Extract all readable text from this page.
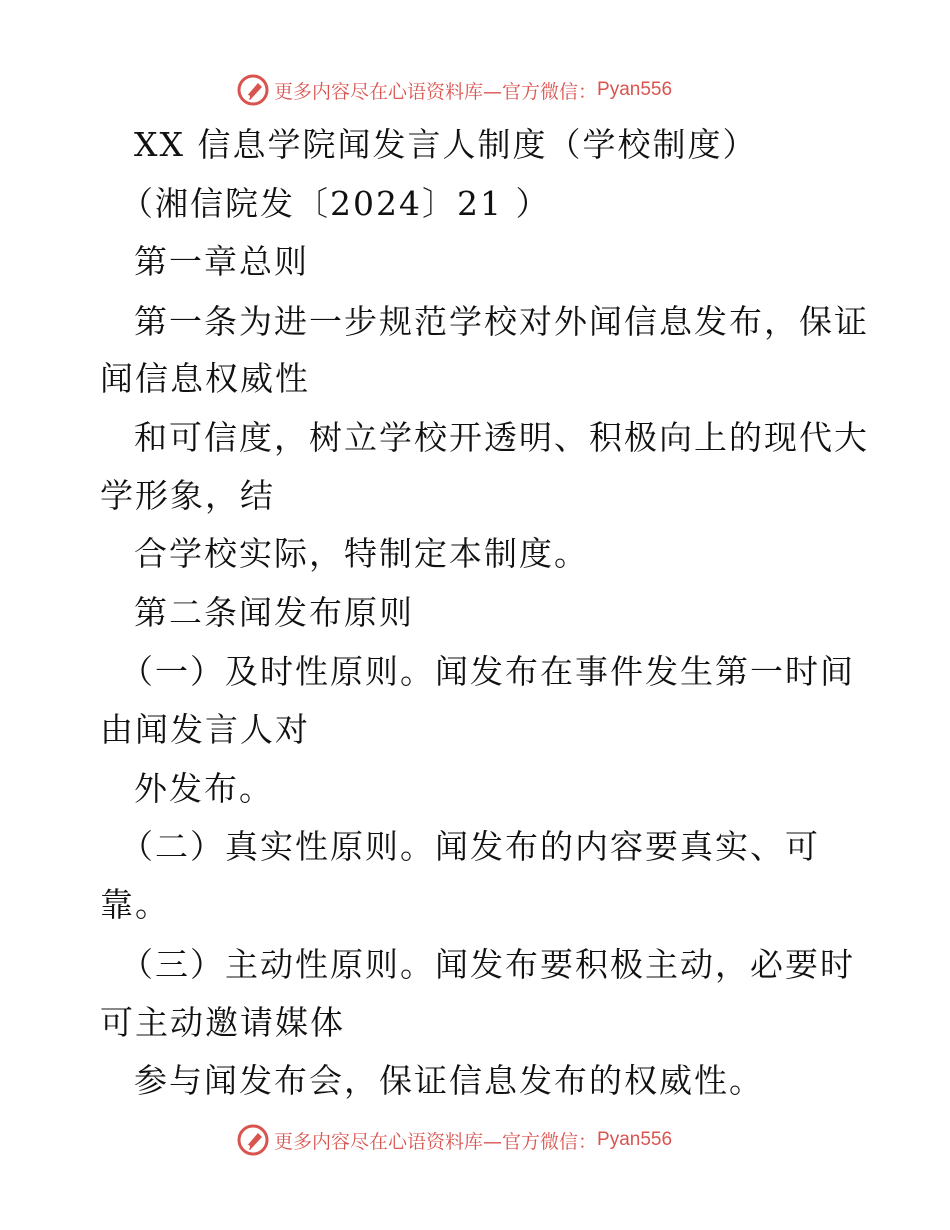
更多内容尽在心语资料库—官方微信： Pyan556
XX 信息学院闻发言人制度（学校制度）
（湘信院发〔2024〕21 ）
第一章总则
第一条为进一步规范学校对外闻信息发布，保证
闻信息权威性
和可信度，树立学校开透明、积极向上的现代大
学形象，结
合学校实际，特制定本制度。
第二条闻发布原则
（一）及时性原则。闻发布在事件发生第一时间
由闻发言人对
外发布。
（二）真实性原则。闻发布的内容要真实、可
靠。
（三）主动性原则。闻发布要积极主动，必要时
可主动邀请媒体
参与闻发布会，保证信息发布的权威性。
更多内容尽在心语资料库—官方微信： Pyan556
